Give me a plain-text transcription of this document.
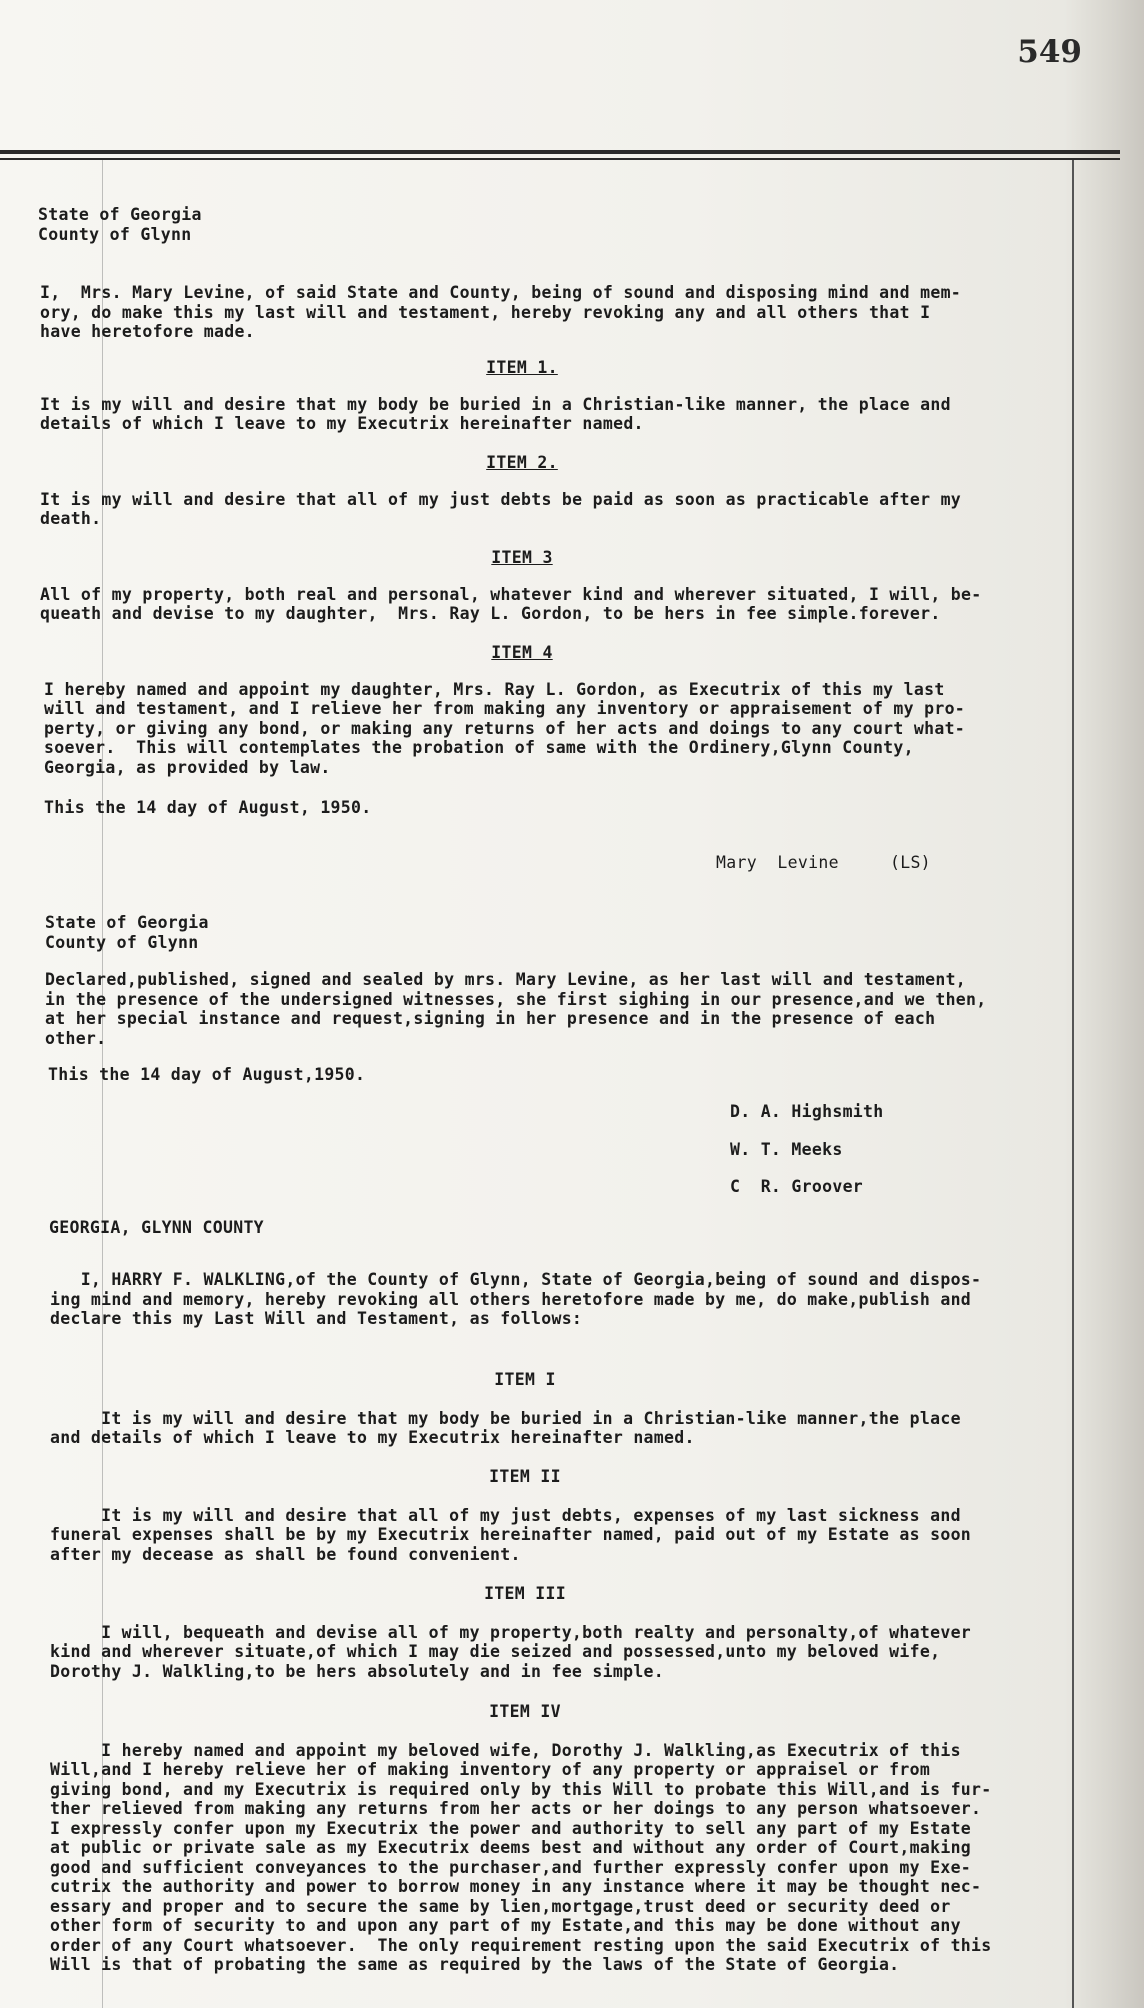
549
State of Georgia
County of Glynn
I,  Mrs. Mary Levine, of said State and County, being of sound and disposing mind and mem-
ory, do make this my last will and testament, hereby revoking any and all others that I
have heretofore made.
ITEM 1.
It is my will and desire that my body be buried in a Christian-like manner, the place and
details of which I leave to my Executrix hereinafter named.
ITEM 2.
It is my will and desire that all of my just debts be paid as soon as practicable after my
death.
ITEM 3
All of my property, both real and personal, whatever kind and wherever situated, I will, be-
queath and devise to my daughter,  Mrs. Ray L. Gordon, to be hers in fee simple.forever.
ITEM 4
I hereby named and appoint my daughter, Mrs. Ray L. Gordon, as Executrix of this my last
will and testament, and I relieve her from making any inventory or appraisement of my pro-
perty, or giving any bond, or making any returns of her acts and doings to any court what-
soever.  This will contemplates the probation of same with the Ordinery,Glynn County,
Georgia, as provided by law.
This the 14 day of August, 1950.
Mary  Levine     (LS)
State of Georgia
County of Glynn
Declared,published, signed and sealed by mrs. Mary Levine, as her last will and testament,
in the presence of the undersigned witnesses, she first sighing in our presence,and we then,
at her special instance and request,signing in her presence and in the presence of each
other.
This the 14 day of August,1950.
D. A. Highsmith
W. T. Meeks
C  R. Groover
GEORGIA, GLYNN COUNTY
I, HARRY F. WALKLING,of the County of Glynn, State of Georgia,being of sound and dispos-
ing mind and memory, hereby revoking all others heretofore made by me, do make,publish and
declare this my Last Will and Testament, as follows:
ITEM I
It is my will and desire that my body be buried in a Christian-like manner,the place
and details of which I leave to my Executrix hereinafter named.
ITEM II
It is my will and desire that all of my just debts, expenses of my last sickness and
funeral expenses shall be by my Executrix hereinafter named, paid out of my Estate as soon
after my decease as shall be found convenient.
ITEM III
I will, bequeath and devise all of my property,both realty and personalty,of whatever
kind and wherever situate,of which I may die seized and possessed,unto my beloved wife,
Dorothy J. Walkling,to be hers absolutely and in fee simple.
ITEM IV
I hereby named and appoint my beloved wife, Dorothy J. Walkling,as Executrix of this
Will,and I hereby relieve her of making inventory of any property or appraisel or from
giving bond, and my Executrix is required only by this Will to probate this Will,and is fur-
ther relieved from making any returns from her acts or her doings to any person whatsoever.
I expressly confer upon my Executrix the power and authority to sell any part of my Estate
at public or private sale as my Executrix deems best and without any order of Court,making
good and sufficient conveyances to the purchaser,and further expressly confer upon my Exe-
cutrix the authority and power to borrow money in any instance where it may be thought nec-
essary and proper and to secure the same by lien,mortgage,trust deed or security deed or
other form of security to and upon any part of my Estate,and this may be done without any
order of any Court whatsoever.  The only requirement resting upon the said Executrix of this
Will is that of probating the same as required by the laws of the State of Georgia.
